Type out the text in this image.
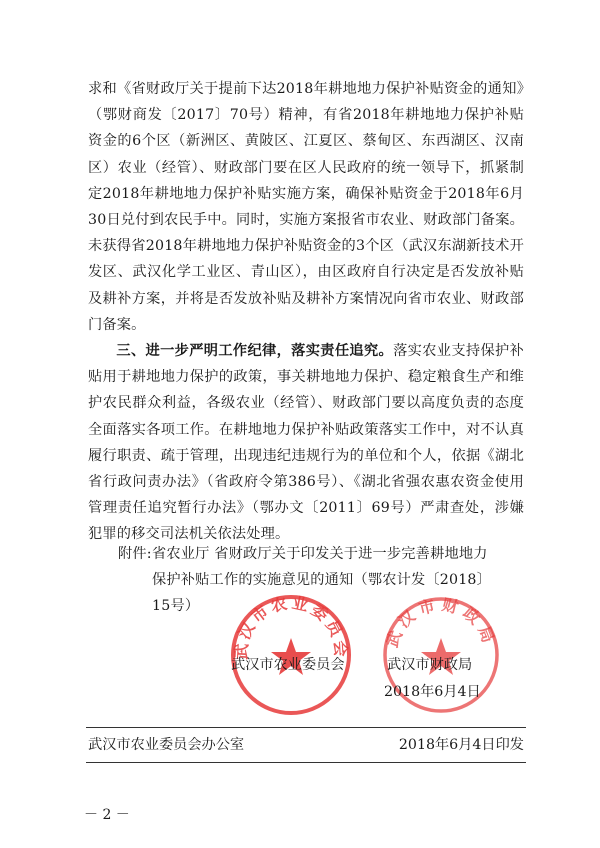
求和《省财政厅关于提前下达2018年耕地地力保护补贴资金的通知》（鄂财商发〔2017〕70号）精神，有省2018年耕地地力保护补贴资金的6个区（新洲区、黄陂区、江夏区、蔡甸区、东西湖区、汉南区）农业（经管）、财政部门要在区人民政府的统一领导下，抓紧制定2018年耕地地力保护补贴实施方案，确保补贴资金于2018年6月30日兑付到农民手中。同时，实施方案报省市农业、财政部门备案。未获得省2018年耕地地力保护补贴资金的3个区（武汉东湖新技术开发区、武汉化学工业区、青山区），由区政府自行决定是否发放补贴及耕补方案，并将是否发放补贴及耕补方案情况向省市农业、财政部门备案。

三、进一步严明工作纪律，落实责任追究。落实农业支持保护补贴用于耕地地力保护的政策，事关耕地地力保护、稳定粮食生产和维护农民群众利益，各级农业（经管）、财政部门要以高度负责的态度全面落实各项工作。在耕地地力保护补贴政策落实工作中，对不认真履行职责、疏于管理，出现违纪违规行为的单位和个人，依据《湖北省行政问责办法》（省政府令第386号）、《湖北省强农惠农资金使用管理责任追究暂行办法》（鄂办文〔2011〕69号）严肃查处，涉嫌犯罪的移交司法机关依法处理。

附件: 省农业厅 省财政厅关于印发关于进一步完善耕地地力
保护补贴工作的实施意见的通知（鄂农计发〔2018〕
15号）
武汉市农业委员会
武汉市财政局
武汉市农业委员会	武汉市财政局
2018年6月4日
武汉市农业委员会办公室	2018年6月4日印发
－ 2 －
